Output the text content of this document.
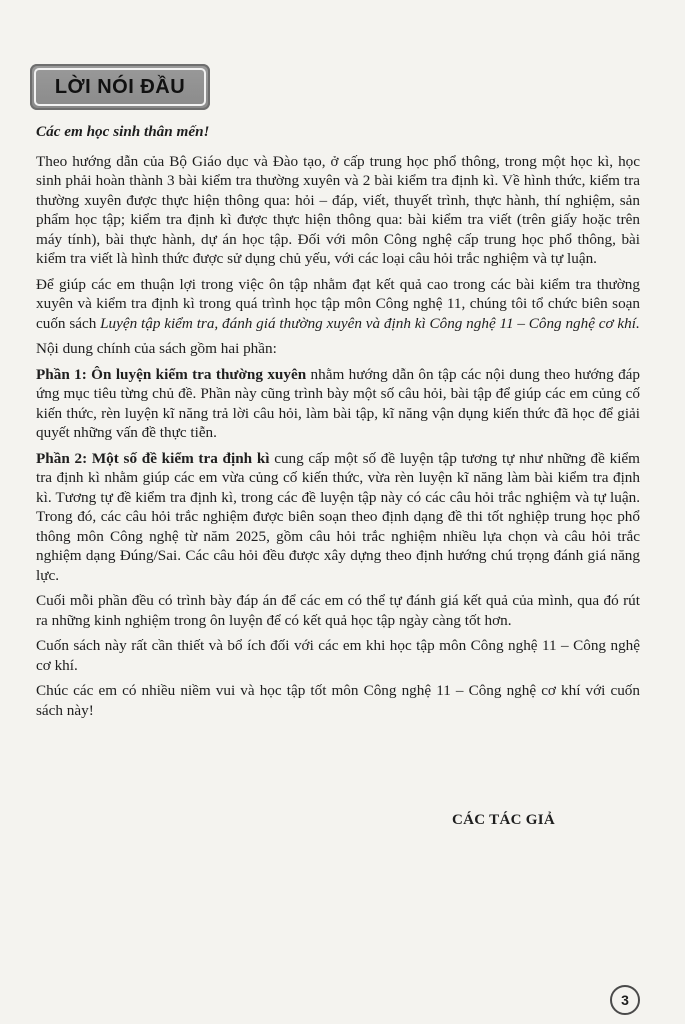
LỜI NÓI ĐẦU

Các em học sinh thân mến!

Theo hướng dẫn của Bộ Giáo dục và Đào tạo, ở cấp trung học phổ thông, trong một học kì, học sinh phải hoàn thành 3 bài kiểm tra thường xuyên và 2 bài kiểm tra định kì. Về hình thức, kiểm tra thường xuyên được thực hiện thông qua: hỏi – đáp, viết, thuyết trình, thực hành, thí nghiệm, sản phẩm học tập; kiểm tra định kì được thực hiện thông qua: bài kiểm tra viết (trên giấy hoặc trên máy tính), bài thực hành, dự án học tập. Đối với môn Công nghệ cấp trung học phổ thông, bài kiểm tra viết là hình thức được sử dụng chủ yếu, với các loại câu hỏi trắc nghiệm và tự luận.

Để giúp các em thuận lợi trong việc ôn tập nhằm đạt kết quả cao trong các bài kiểm tra thường xuyên và kiểm tra định kì trong quá trình học tập môn Công nghệ 11, chúng tôi tổ chức biên soạn cuốn sách Luyện tập kiểm tra, đánh giá thường xuyên và định kì Công nghệ 11 – Công nghệ cơ khí.

Nội dung chính của sách gồm hai phần:

Phần 1: Ôn luyện kiểm tra thường xuyên nhằm hướng dẫn ôn tập các nội dung theo hướng đáp ứng mục tiêu từng chủ đề. Phần này cũng trình bày một số câu hỏi, bài tập để giúp các em củng cố kiến thức, rèn luyện kĩ năng trả lời câu hỏi, làm bài tập, kĩ năng vận dụng kiến thức đã học để giải quyết những vấn đề thực tiễn.

Phần 2: Một số đề kiểm tra định kì cung cấp một số đề luyện tập tương tự như những đề kiểm tra định kì nhằm giúp các em vừa củng cố kiến thức, vừa rèn luyện kĩ năng làm bài kiểm tra định kì. Tương tự đề kiểm tra định kì, trong các đề luyện tập này có các câu hỏi trắc nghiệm và tự luận. Trong đó, các câu hỏi trắc nghiệm được biên soạn theo định dạng đề thi tốt nghiệp trung học phổ thông môn Công nghệ từ năm 2025, gồm câu hỏi trắc nghiệm nhiều lựa chọn và câu hỏi trắc nghiệm dạng Đúng/Sai. Các câu hỏi đều được xây dựng theo định hướng chú trọng đánh giá năng lực.

Cuối mỗi phần đều có trình bày đáp án để các em có thể tự đánh giá kết quả của mình, qua đó rút ra những kinh nghiệm trong ôn luyện để có kết quả học tập ngày càng tốt hơn.

Cuốn sách này rất cần thiết và bổ ích đối với các em khi học tập môn Công nghệ 11 – Công nghệ cơ khí.

Chúc các em có nhiều niềm vui và học tập tốt môn Công nghệ 11 – Công nghệ cơ khí với cuốn sách này!

CÁC TÁC GIẢ
3
